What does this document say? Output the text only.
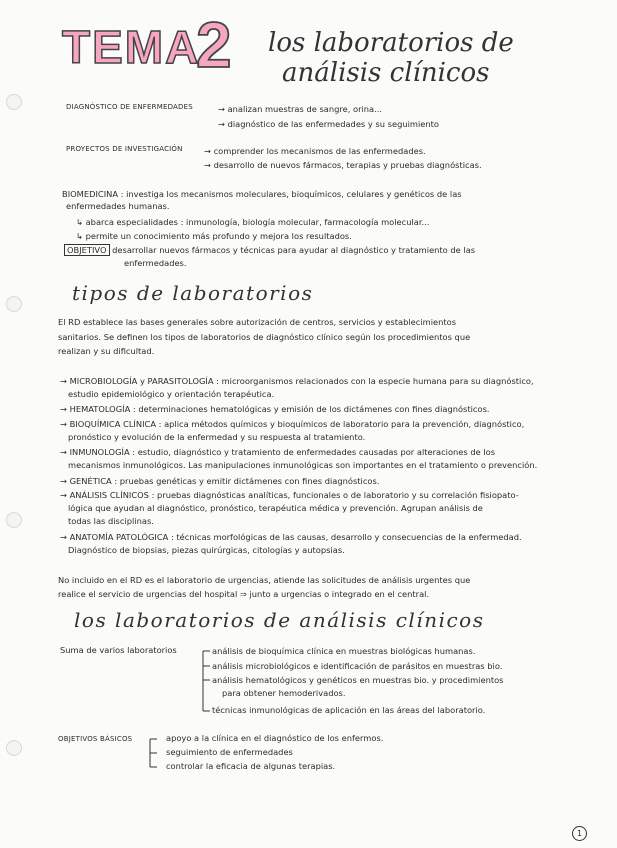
TEMA
2 los laboratorios de
análisis clínicos
DIAGNÓSTICO DE ENFERMEDADES	→ analizan muestras de sangre, orina...
→ diagnóstico de las enfermedades y su seguimiento
PROYECTOS DE INVESTIGACIÓN	→ comprender los mecanismos de las enfermedades.
→ desarrollo de nuevos fármacos, terapias y pruebas diagnósticas.
BIOMEDICINA : investiga los mecanismos moleculares, bioquímicos, celulares y genéticos de las
enfermedades humanas.
↳ abarca especialidades : inmunología, biología molecular, farmacología molecular...
↳ permite un conocimiento más profundo y mejora los resultados.
OBJETIVO desarrollar nuevos fármacos y técnicas para ayudar al diagnóstico y tratamiento de las
enfermedades.
tipos de laboratorios
El RD establece las bases generales sobre autorización de centros, servicios y establecimientos
sanitarios. Se definen los tipos de laboratorios de diagnóstico clínico según los procedimientos que
realizan y su dificultad.
→ MICROBIOLOGÍA y PARASITOLOGÍA : microorganismos relacionados con la especie humana para su diagnóstico,
estudio epidemiológico y orientación terapéutica.
→ HEMATOLOGÍA : determinaciones hematológicas y emisión de los dictámenes con fines diagnósticos.
→ BIOQUÍMICA CLÍNICA : aplica métodos químicos y bioquímicos de laboratorio para la prevención, diagnóstico,
pronóstico y evolución de la enfermedad y su respuesta al tratamiento.
→ INMUNOLOGÍA : estudio, diagnóstico y tratamiento de enfermedades causadas por alteraciones de los
mecanismos inmunológicos. Las manipulaciones inmunológicas son importantes en el tratamiento o prevención.
→ GENÉTICA : pruebas genéticas y emitir dictámenes con fines diagnósticos.
→ ANÁLISIS CLÍNICOS : pruebas diagnósticas analíticas, funcionales o de laboratorio y su correlación fisiopato-
lógica que ayudan al diagnóstico, pronóstico, terapéutica médica y prevención. Agrupan análisis de
todas las disciplinas.
→ ANATOMÍA PATOLÓGICA : técnicas morfológicas de las causas, desarrollo y consecuencias de la enfermedad.
Diagnóstico de biopsias, piezas quirúrgicas, citologías y autopsias.
No incluido en el RD es el laboratorio de urgencias, atiende las solicitudes de análisis urgentes que
realice el servicio de urgencias del hospital ⇒ junto a urgencias o integrado en el central.
los laboratorios de análisis clínicos
Suma de varios laboratorios	análisis de bioquímica clínica en muestras biológicas humanas.
análisis microbiológicos e identificación de parásitos en muestras bio.
análisis hematológicos y genéticos en muestras bio. y procedimientos
para obtener hemoderivados.
técnicas inmunológicas de aplicación en las áreas del laboratorio.
OBJETIVOS BÁSICOS	apoyo a la clínica en el diagnóstico de los enfermos.
seguimiento de enfermedades
controlar la eficacia de algunas terapias.
1
